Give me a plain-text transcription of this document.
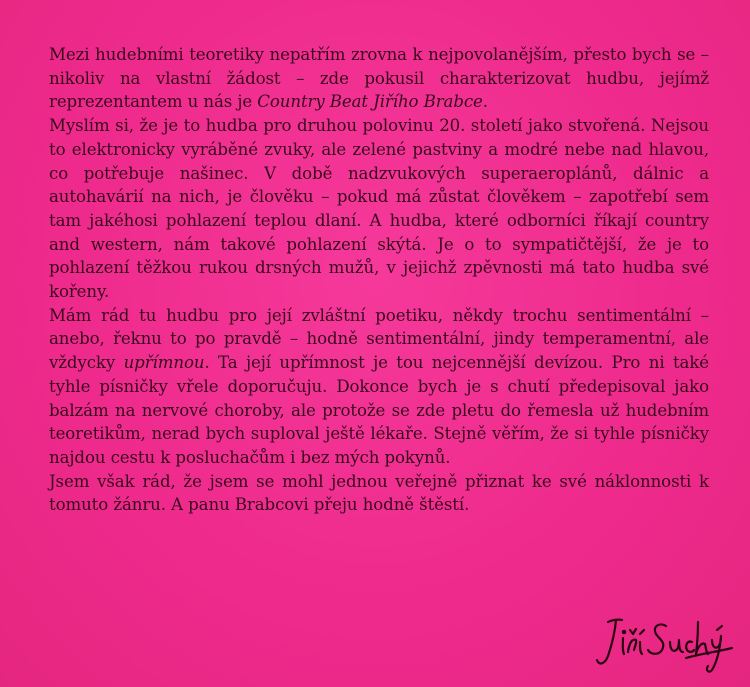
Mezi hudebními teoretiky nepatřím zrovna k nejpovolanějším, přesto bych se – nikoliv na vlastní žádost – zde pokusil charakterizovat hudbu, jejímž reprezentantem u nás je Country Beat Jiřího Brabce.

Myslím si, že je to hudba pro druhou polovinu 20. století jako stvořená. Nejsou to elektronicky vyráběné zvuky, ale zelené pastviny a modré nebe nad hlavou, co potřebuje našinec. V době nadzvukových superaeroplánů, dálnic a autohavárií na nich, je člověku – pokud má zůstat člověkem – zapotřebí sem tam jakéhosi pohlazení teplou dlaní. A hudba, které odborníci říkají country and western, nám takové pohlazení skýtá. Je o to sympatičtější, že je to pohlazení těžkou rukou drsných mužů, v jejichž zpěvnosti má tato hudba své kořeny.

Mám rád tu hudbu pro její zvláštní poetiku, někdy trochu sentimentální – anebo, řeknu to po pravdě – hodně sentimentální, jindy temperamentní, ale vždycky upřímnou. Ta její upřímnost je tou nejcennější devízou. Pro ni také tyhle písničky vřele doporučuju. Dokonce bych je s chutí předepisoval jako balzám na nervové choroby, ale protože se zde pletu do řemesla už hudebním teoretikům, nerad bych suploval ještě lékaře. Stejně věřím, že si tyhle písničky najdou cestu k posluchačům i bez mých pokynů.

Jsem však rád, že jsem se mohl jednou veřejně přiznat ke své náklonnosti k tomuto žánru. A panu Brabcovi přeju hodně štěstí.
